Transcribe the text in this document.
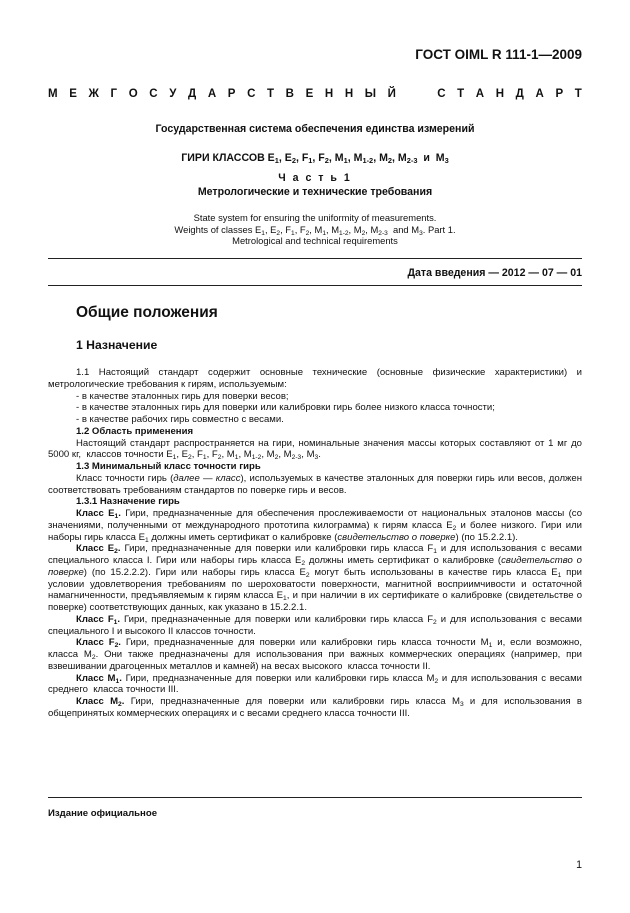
ГОСТ OIML R 111-1—2009
М Е Ж Г О С У Д А Р С Т В Е Н Н Ы Й

	С Т А Н Д А Р Т
Государственная система обеспечения единства измерений
ГИРИ КЛАССОВ $E_1$, $E_2$, $F_1$, $F_2$, $M_1$, $M_{1-2}$, $M_2$, $M_{2-3}$  и  $M_3$
Ч а с т ь 1
Метрологические и технические требования
State system for ensuring the uniformity of measurements.
Weights of classes $E_1$, $E_2$, $F_1$, $F_2$, $M_1$, $M_{1-2}$, $M_2$, $M_{2-3}$  and $M_3$. Part 1.
Metrological and technical requirements
Дата введения — 2012 — 07 — 01
Общие положения
1 Назначение

1.1 Настоящий стандарт содержит основные технические (основные физические характеристики) и метрологические требования к гирям, используемым:

- в качестве эталонных гирь для поверки весов;

- в качестве эталонных гирь для поверки или калибровки гирь более низкого класса точности;

- в качестве рабочих гирь совместно с весами.

1.2 Область применения

Настоящий стандарт распространяется на гири, номинальные значения массы которых составляют от 1 мг до 5000 кг,  классов точности $E_1$, $E_2$, $F_1$, $F_2$, $M_1$, $M_{1-2}$, $M_2$, $M_{2-3}$, $M_3$.

1.3 Минимальный класс точности гирь

Класс точности гирь (далее — класс), используемых в качестве эталонных для поверки гирь или весов, должен соответствовать требованиям стандартов по поверке гирь и весов.

1.3.1 Назначение гирь

Класс $E_1$. Гири, предназначенные для обеспечения прослеживаемости от национальных эталонов массы (со значениями, полученными от международного прототипа килограмма) к гирям класса $E_2$ и более низкого. Гири или наборы гирь класса $E_1$ должны иметь сертификат о калибровке (свидетельство о поверке) (по 15.2.2.1).

Класс $E_2$. Гири, предназначенные для поверки или калибровки гирь класса $F_1$ и для использования с весами специального класса I. Гири или наборы гирь класса $E_2$ должны иметь сертификат о калибровке (свидетельство о поверке) (по 15.2.2.2). Гири или наборы гирь класса $E_2$ могут быть использованы в качестве гирь класса $E_1$ при условии удовлетворения требованиям по шероховатости поверхности, магнитной восприимчивости и остаточной намагниченности, предъявляемым к гирям класса $E_1$, и при наличии в их сертификате о калибровке (свидетельстве о поверке) соответствующих данных, как указано в 15.2.2.1.

Класс $F_1$. Гири, предназначенные для поверки или калибровки гирь класса $F_2$ и для использования с весами специального I и высокого II классов точности.

Класс $F_2$. Гири, предназначенные для поверки или калибровки гирь класса точности $M_1$ и, если возможно, класса $M_2$. Они также предназначены для использования при важных коммерческих операциях (например, при взвешивании драгоценных металлов и камней) на весах высокого  класса точности II.

Класс $M_1$. Гири, предназначенные для поверки или калибровки гирь класса $M_2$ и для использования с весами среднего  класса точности III.

Класс $M_2$. Гири, предназначенные для поверки или калибровки гирь класса $M_3$ и для использования в общепринятых коммерческих операциях и с весами среднего класса точности III.

Издание официальное
1
